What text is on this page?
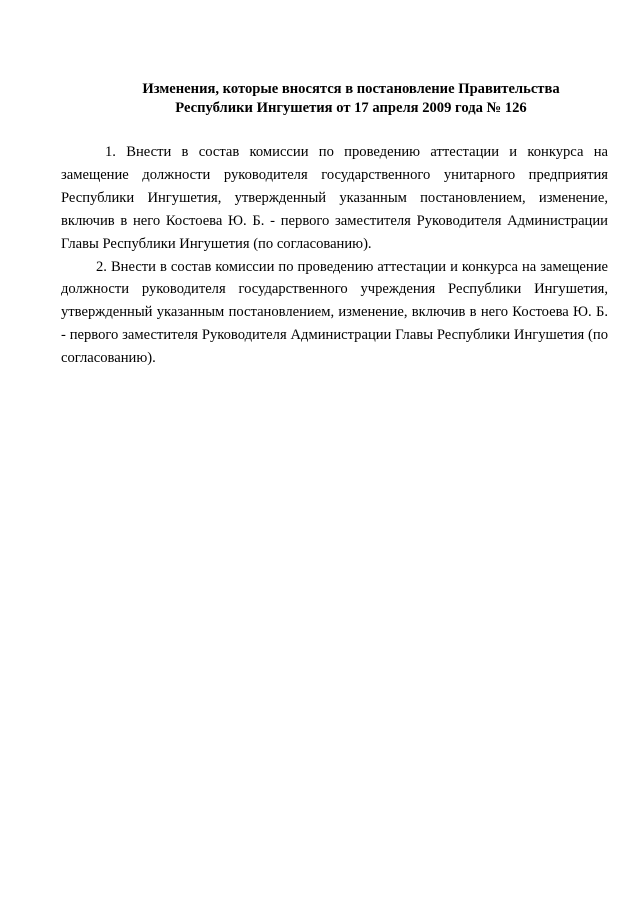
Изменения, которые вносятся в постановление Правительства
Республики Ингушетия от 17 апреля 2009 года № 126

1. Внести в состав комиссии по проведению аттестации и конкурса на замещение должности руководителя государственного унитарного предприятия Республики Ингушетия, утвержденный указанным постановлением, изменение, включив в него Костоева Ю. Б. - первого заместителя Руководителя Администрации Главы Республики Ингушетия (по согласованию).

2. Внести в состав комиссии по проведению аттестации и конкурса на замещение должности руководителя государственного учреждения Республики Ингушетия, утвержденный указанным постановлением, изменение, включив в него Костоева Ю. Б. - первого заместителя Руководителя Администрации Главы Республики Ингушетия (по согласованию).
